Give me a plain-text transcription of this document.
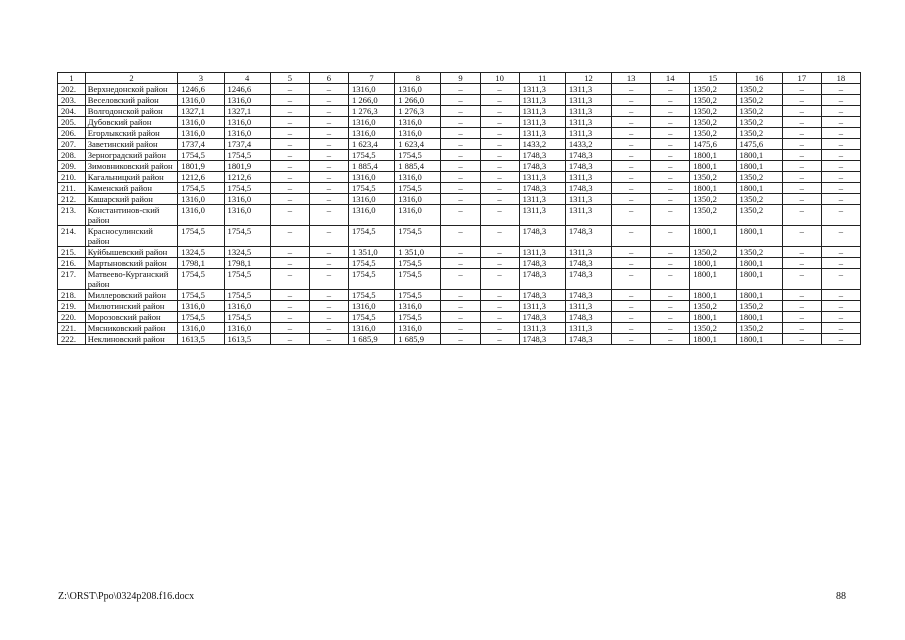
1	2	3	4	5	6	7	8	9	10	11	12	13	14	15	16	17	18
202.	Верхнедонской район	1246,6	1246,6	–	–	1316,0	1316,0	–	–	1311,3	1311,3	–	–	1350,2	1350,2	–	–
203.	Веселовский район	1316,0	1316,0	–	–	1 266,0	1 266,0	–	–	1311,3	1311,3	–	–	1350,2	1350,2	–	–
204.	Волгодонской район	1327,1	1327,1	–	–	1 276,3	1 276,3	–	–	1311,3	1311,3	–	–	1350,2	1350,2	–	–
205.	Дубовский район	1316,0	1316,0	–	–	1316,0	1316,0	–	–	1311,3	1311,3	–	–	1350,2	1350,2	–	–
206.	Егорлыкский район	1316,0	1316,0	–	–	1316,0	1316,0	–	–	1311,3	1311,3	–	–	1350,2	1350,2	–	–
207.	Заветинский район	1737,4	1737,4	–	–	1 623,4	1 623,4	–	–	1433,2	1433,2	–	–	1475,6	1475,6	–	–
208.	Зерноградский район	1754,5	1754,5	–	–	1754,5	1754,5	–	–	1748,3	1748,3	–	–	1800,1	1800,1	–	–
209.	Зимовниковский район	1801,9	1801,9	–	–	1 885,4	1 885,4	–	–	1748,3	1748,3	–	–	1800,1	1800,1	–	–
210.	Кагальницкий район	1212,6	1212,6	–	–	1316,0	1316,0	–	–	1311,3	1311,3	–	–	1350,2	1350,2	–	–
211.	Каменский район	1754,5	1754,5	–	–	1754,5	1754,5	–	–	1748,3	1748,3	–	–	1800,1	1800,1	–	–
212.	Кашарский район	1316,0	1316,0	–	–	1316,0	1316,0	–	–	1311,3	1311,3	–	–	1350,2	1350,2	–	–
213.	Константинов-ский район	1316,0	1316,0	–	–	1316,0	1316,0	–	–	1311,3	1311,3	–	–	1350,2	1350,2	–	–
214.	Красносулинский район	1754,5	1754,5	–	–	1754,5	1754,5	–	–	1748,3	1748,3	–	–	1800,1	1800,1	–	–
215.	Куйбышевский район	1324,5	1324,5	–	–	1 351,0	1 351,0	–	–	1311,3	1311,3	–	–	1350,2	1350,2	–	–
216.	Мартыновский район	1798,1	1798,1	–	–	1754,5	1754,5	–	–	1748,3	1748,3	–	–	1800,1	1800,1	–	–
217.	Матвеево-Курганский район	1754,5	1754,5	–	–	1754,5	1754,5	–	–	1748,3	1748,3	–	–	1800,1	1800,1	–	–
218.	Миллеровский район	1754,5	1754,5	–	–	1754,5	1754,5	–	–	1748,3	1748,3	–	–	1800,1	1800,1	–	–
219.	Милютинский район	1316,0	1316,0	–	–	1316,0	1316,0	–	–	1311,3	1311,3	–	–	1350,2	1350,2	–	–
220.	Морозовский район	1754,5	1754,5	–	–	1754,5	1754,5	–	–	1748,3	1748,3	–	–	1800,1	1800,1	–	–
221.	Мясниковский район	1316,0	1316,0	–	–	1316,0	1316,0	–	–	1311,3	1311,3	–	–	1350,2	1350,2	–	–
222.	Неклиновский район	1613,5	1613,5	–	–	1 685,9	1 685,9	–	–	1748,3	1748,3	–	–	1800,1	1800,1	–	–
Z:\ORST\Ppo\0324p208.f16.docx	88
